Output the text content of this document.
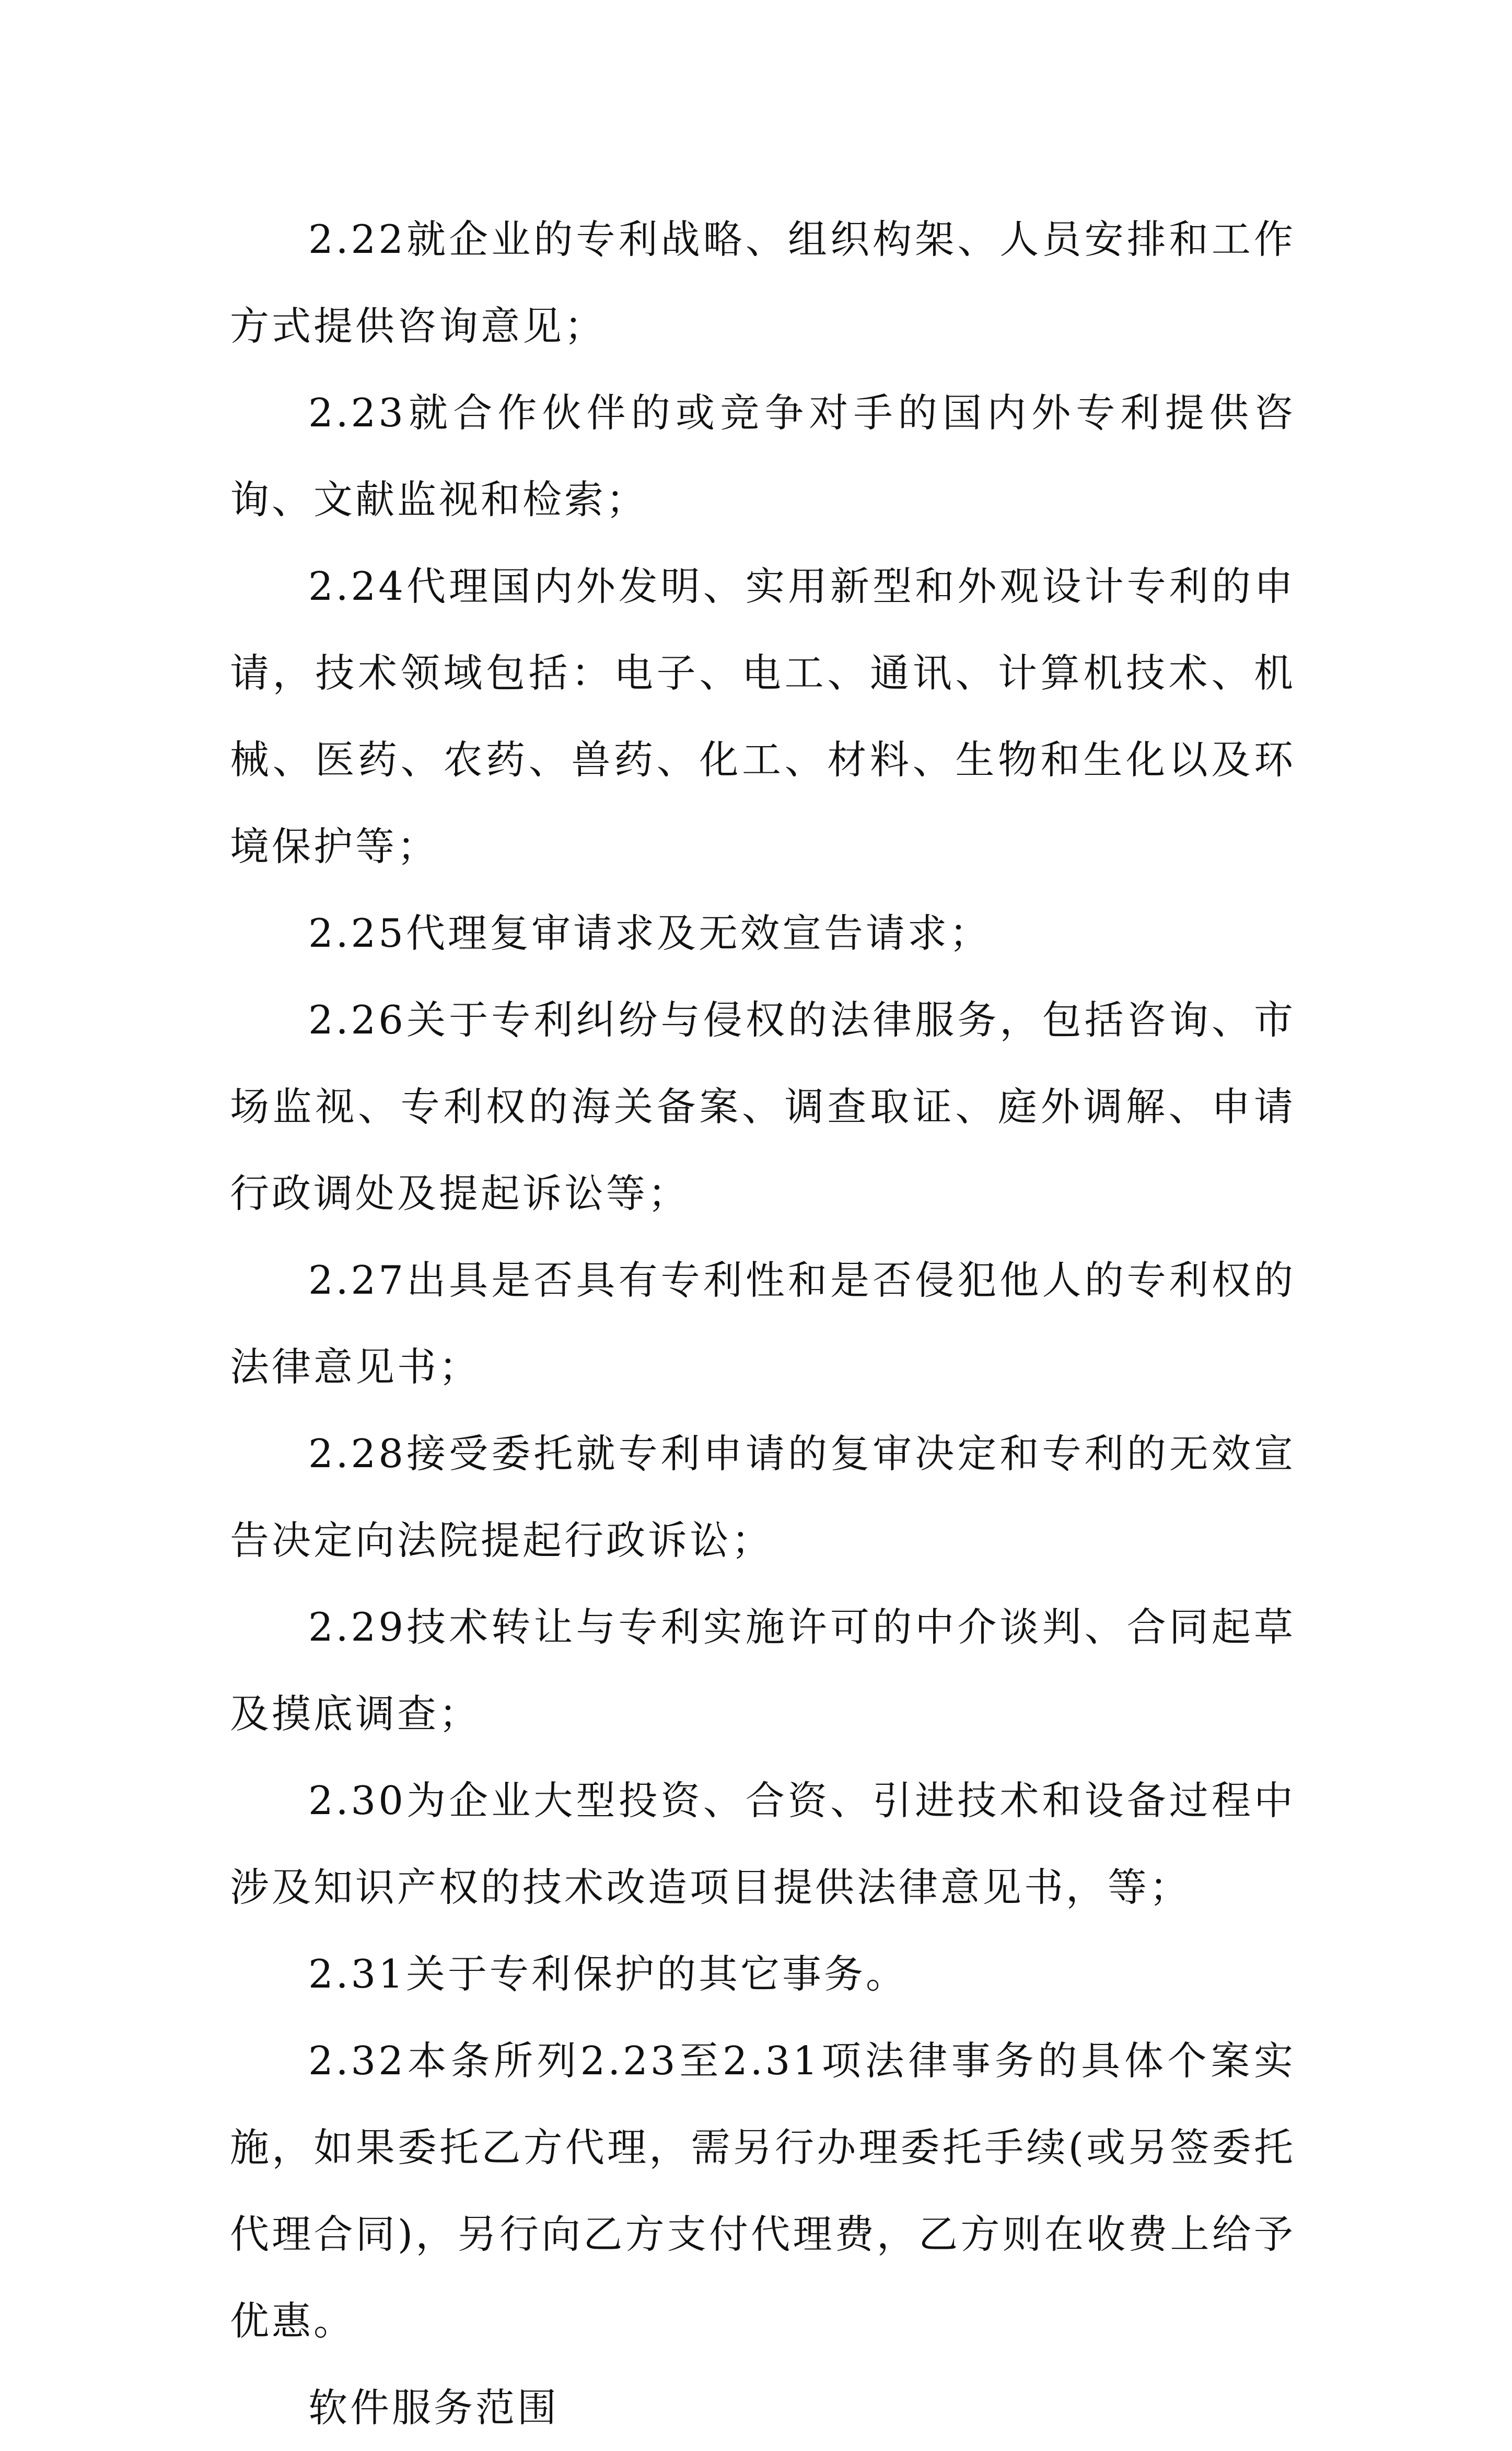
2.22就企业的专利战略、组织构架、人员安排和工作方式提供咨询意见；

2.23就合作伙伴的或竞争对手的国内外专利提供咨询、文献监视和检索；

2.24代理国内外发明、实用新型和外观设计专利的申请，技术领域包括：电子、电工、通讯、计算机技术、机械、医药、农药、兽药、化工、材料、生物和生化以及环境保护等；

2.25代理复审请求及无效宣告请求；

2.26关于专利纠纷与侵权的法律服务，包括咨询、市场监视、专利权的海关备案、调查取证、庭外调解、申请行政调处及提起诉讼等；

2.27出具是否具有专利性和是否侵犯他人的专利权的法律意见书；

2.28接受委托就专利申请的复审决定和专利的无效宣告决定向法院提起行政诉讼；

2.29技术转让与专利实施许可的中介谈判、合同起草及摸底调查；

2.30为企业大型投资、合资、引进技术和设备过程中涉及知识产权的技术改造项目提供法律意见书，等；

2.31关于专利保护的其它事务。

2.32本条所列2.23至2.31项法律事务的具体个案实施，如果委托乙方代理，需另行办理委托手续(或另签委托代理合同)，另行向乙方支付代理费，乙方则在收费上给予优惠。

软件服务范围
